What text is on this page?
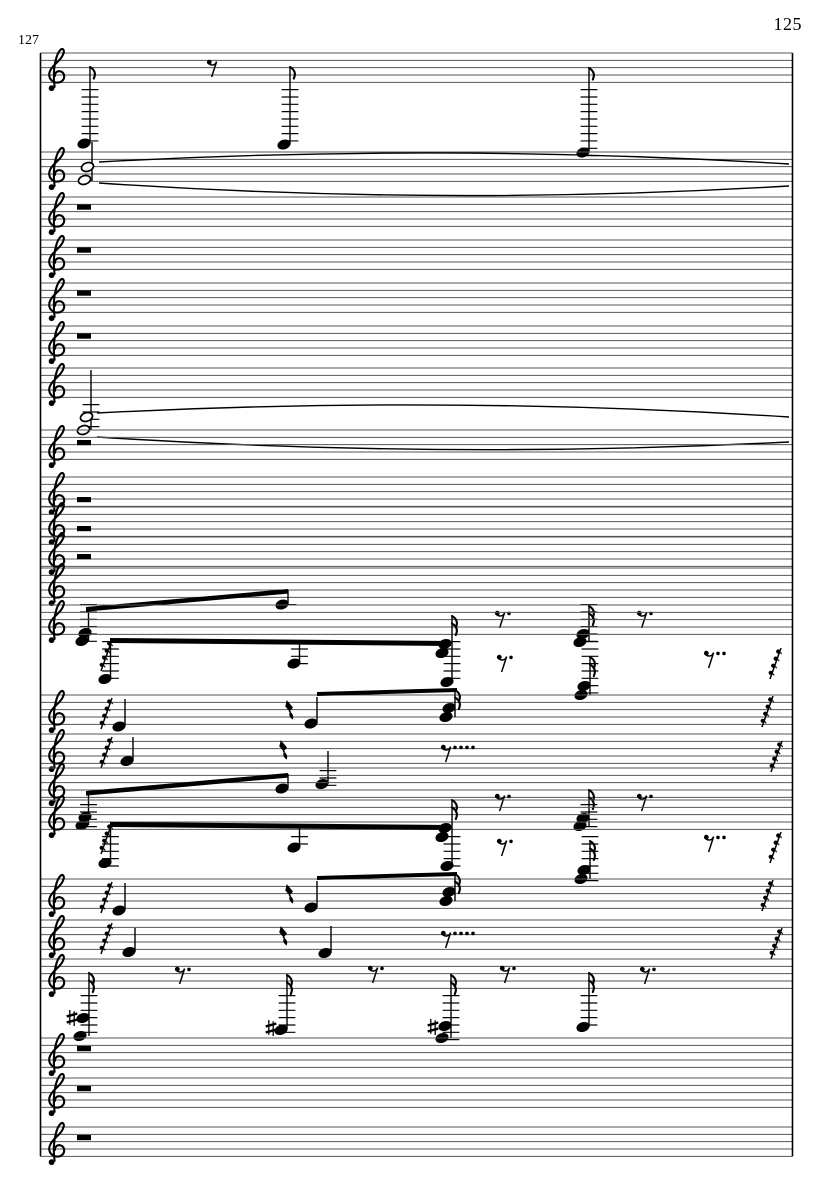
125
127
